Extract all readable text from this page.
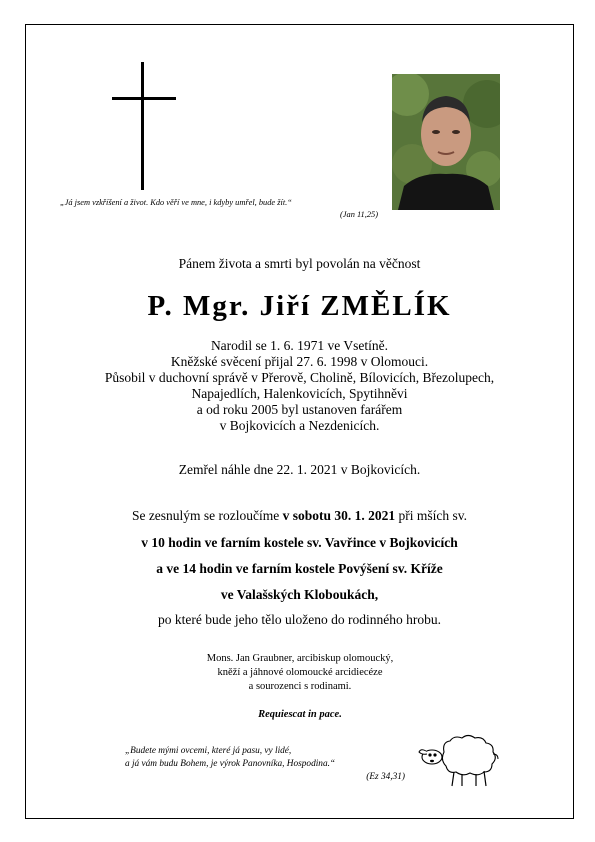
„Já jsem vzkříšení a život. Kdo věří ve mne, i kdyby umřel, bude žít.“
(Jan 11,25)
Pánem života a smrti byl povolán na věčnost
P. Mgr. Jiří ZMĚLÍK
Narodil se 1. 6. 1971 ve Vsetíně.
Kněžské svěcení přijal 27. 6. 1998 v Olomouci.
Působil v duchovní správě v Přerově, Cholině, Bílovicích, Březolupech,
Napajedlích, Halenkovicích, Spytihněvi
a od roku 2005 byl ustanoven farářem
v Bojkovicích a Nezdenicích.
Zemřel náhle dne 22. 1. 2021 v Bojkovicích.
Se zesnulým se rozloučíme v sobotu 30. 1. 2021 při mších sv.
v 10 hodin ve farním kostele sv. Vavřince v Bojkovicích
a ve 14 hodin ve farním kostele Povýšení sv. Kříže
ve Valašských Kloboukách,
po které bude jeho tělo uloženo do rodinného hrobu.
Mons. Jan Graubner, arcibiskup olomoucký,
kněží a jáhnové olomoucké arcidiecéze
a sourozenci s rodinami.
Requiescat in pace.
„Budete mými ovcemi, které já pasu, vy lidé,
a já vám budu Bohem, je výrok Panovníka, Hospodina.“
(Ez 34,31)
